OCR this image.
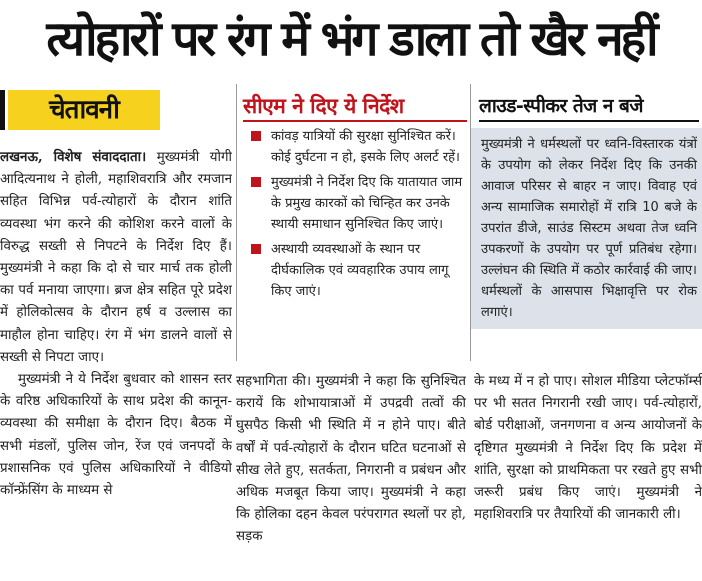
त्योहारों पर रंग में भंग डाला तो खैर नहीं
चेतावनी

लखनऊ, विशेष संवाददाता। मुख्यमंत्री योगी आदित्यनाथ ने होली, महाशिवरात्रि और रमजान सहित विभिन्न पर्व-त्योहारों के दौरान शांति व्यवस्था भंग करने की कोशिश करने वालों के विरुद्ध सख्ती से निपटने के निर्देश दिए हैं। मुख्यमंत्री ने कहा कि दो से चार मार्च तक होली का पर्व मनाया जाएगा। ब्रज क्षेत्र सहित पूरे प्रदेश में होलिकोत्सव के दौरान हर्ष व उल्लास का माहौल होना चाहिए। रंग में भंग डालने वालों से सख्ती से निपटा जाए।

मुख्यमंत्री ने ये निर्देश बुधवार को शासन स्तर के वरिष्ठ अधिकारियों के साथ प्रदेश की कानून-व्यवस्था की समीक्षा के दौरान दिए। बैठक में सभी मंडलों, पुलिस जोन, रेंज एवं जनपदों के प्रशासनिक एवं पुलिस अधिकारियों ने वीडियो कॉन्फ्रेंसिंग के माध्यम से

सीएम ने दिए ये निर्देश
कांवड़ यात्रियों की सुरक्षा सुनिश्चित करें। कोई दुर्घटना न हो, इसके लिए अलर्ट रहें।
मुख्यमंत्री ने निर्देश दिए कि यातायात जाम के प्रमुख कारकों को चिन्हित कर उनके स्थायी समाधान सुनिश्चित किए जाएं।
अस्थायी व्यवस्थाओं के स्थान पर दीर्घकालिक एवं व्यवहारिक उपाय लागू किए जाएं।
लाउड-स्पीकर तेज न बजे
मुख्यमंत्री ने धर्मस्थलों पर ध्वनि-विस्तारक यंत्रों के उपयोग को लेकर निर्देश दिए कि उनकी आवाज परिसर से बाहर न जाए। विवाह एवं अन्य सामाजिक समारोहों में रात्रि 10 बजे के उपरांत डीजे, साउंड सिस्टम अथवा तेज ध्वनि उपकरणों के उपयोग पर पूर्ण प्रतिबंध रहेगा। उल्लंघन की स्थिति में कठोर कार्रवाई की जाए। धर्मस्थलों के आसपास भिक्षावृत्ति पर रोक लगाएं।

सहभागिता की। मुख्यमंत्री ने कहा कि सुनिश्चित करायें कि शोभायात्राओं में उपद्रवी तत्वों की घुसपैठ किसी भी स्थिति में न होने पाए। बीते वर्षों में पर्व-त्योहारों के दौरान घटित घटनाओं से सीख लेते हुए, सतर्कता, निगरानी व प्रबंधन और अधिक मजबूत किया जाए। मुख्यमंत्री ने कहा कि होलिका दहन केवल परंपरागत स्थलों पर हो, सड़क

के मध्य में न हो पाए। सोशल मीडिया प्लेटफॉर्म्स पर भी सतत निगरानी रखी जाए। पर्व-त्योहारों, बोर्ड परीक्षाओं, जनगणना व अन्य आयोजनों के दृष्टिगत मुख्यमंत्री ने निर्देश दिए कि प्रदेश में शांति, सुरक्षा को प्राथमिकता पर रखते हुए सभी जरूरी प्रबंध किए जाएं। मुख्यमंत्री ने महाशिवरात्रि पर तैयारियों की जानकारी ली।
